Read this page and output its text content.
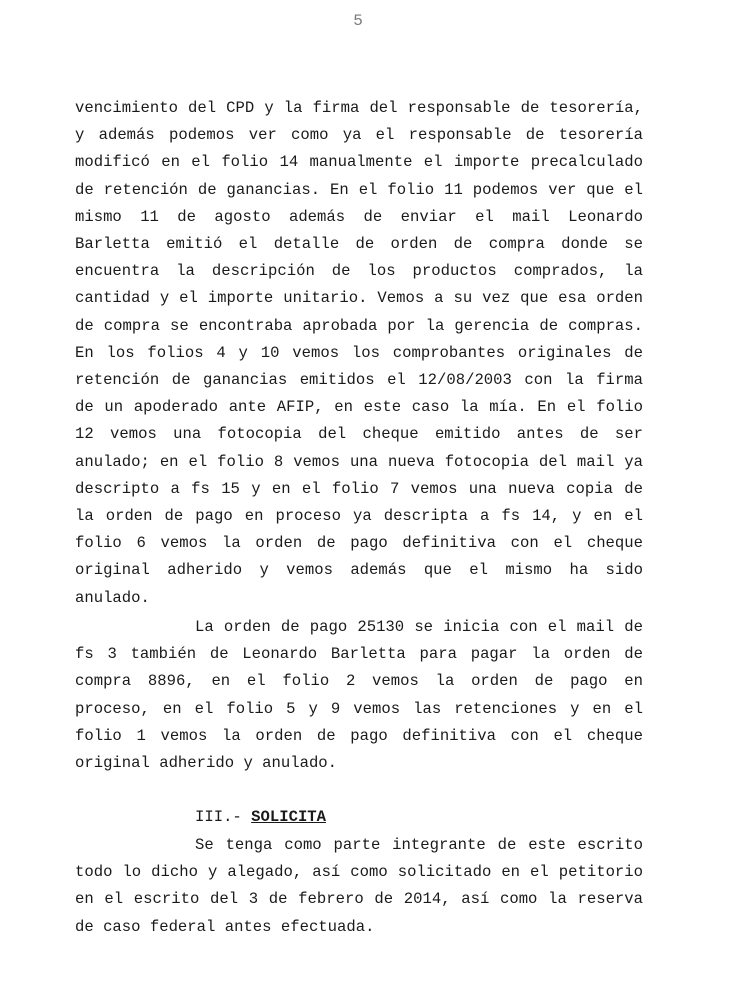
5
vencimiento del CPD y la firma del responsable de tesorería, y además podemos ver como ya el responsable de tesorería modificó en el folio 14 manualmente el importe precalculado de retención de ganancias. En el folio 11 podemos ver que el mismo 11 de agosto además de enviar el mail Leonardo Barletta emitió el detalle de orden de compra donde se encuentra la descripción de los productos comprados, la cantidad y el importe unitario. Vemos a su vez que esa orden de compra se encontraba aprobada por la gerencia de compras. En los folios 4 y 10 vemos los comprobantes originales de retención de ganancias emitidos el 12/08/2003 con la firma de un apoderado ante AFIP, en este caso la mía. En el folio 12 vemos una fotocopia del cheque emitido antes de ser anulado; en el folio 8 vemos una nueva fotocopia del mail ya descripto a fs 15 y en el folio 7 vemos una nueva copia de la orden de pago en proceso ya descripta a fs 14, y en el folio 6 vemos la orden de pago definitiva con el cheque original adherido y vemos además que el mismo ha sido anulado.
La orden de pago 25130 se inicia con el mail de fs 3 también de Leonardo Barletta para pagar la orden de compra 8896, en el folio 2 vemos la orden de pago en proceso, en el folio 5 y 9 vemos las retenciones y en el folio 1 vemos la orden de pago definitiva con el cheque original adherido y anulado.
III.- SOLICITA
Se tenga como parte integrante de este escrito todo lo dicho y alegado, así como solicitado en el petitorio en el escrito del 3 de febrero de 2014, así como la reserva de caso federal antes efectuada.
